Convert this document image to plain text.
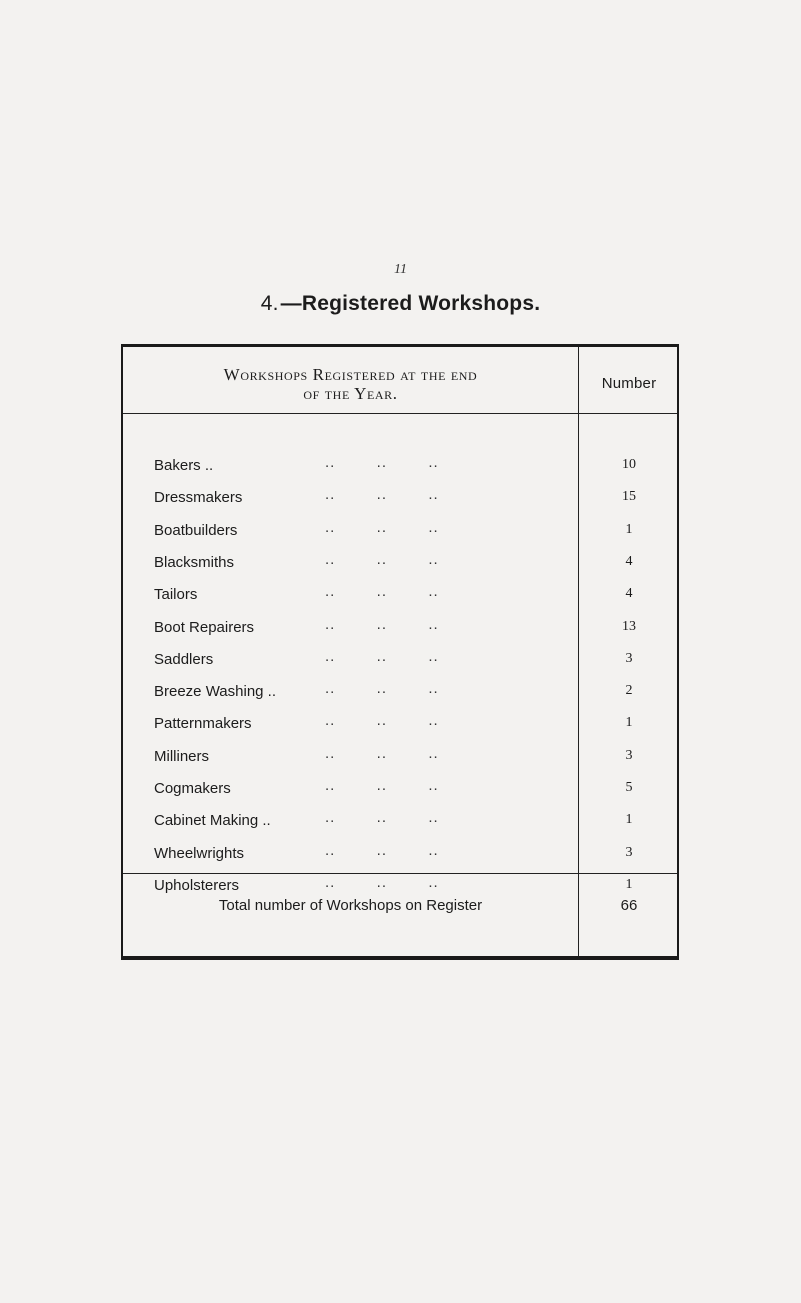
11
4.—Registered Workshops.
Workshops Registered at the end
of the Year.
Number
Bakers ..	..        ..        ..	10
Dressmakers	..        ..        ..	15
Boatbuilders	..        ..        ..	1
Blacksmiths	..        ..        ..	4
Tailors	..        ..        ..	4
Boot Repairers	..        ..        ..	13
Saddlers	..        ..        ..	3
Breeze Washing ..	..        ..        ..	2
Patternmakers	..        ..        ..	1
Milliners	..        ..        ..	3
Cogmakers	..        ..        ..	5
Cabinet Making ..	..        ..        ..	1
Wheelwrights	..        ..        ..	3
Upholsterers	..        ..        ..	1
Total number of Workshops on Register	66
